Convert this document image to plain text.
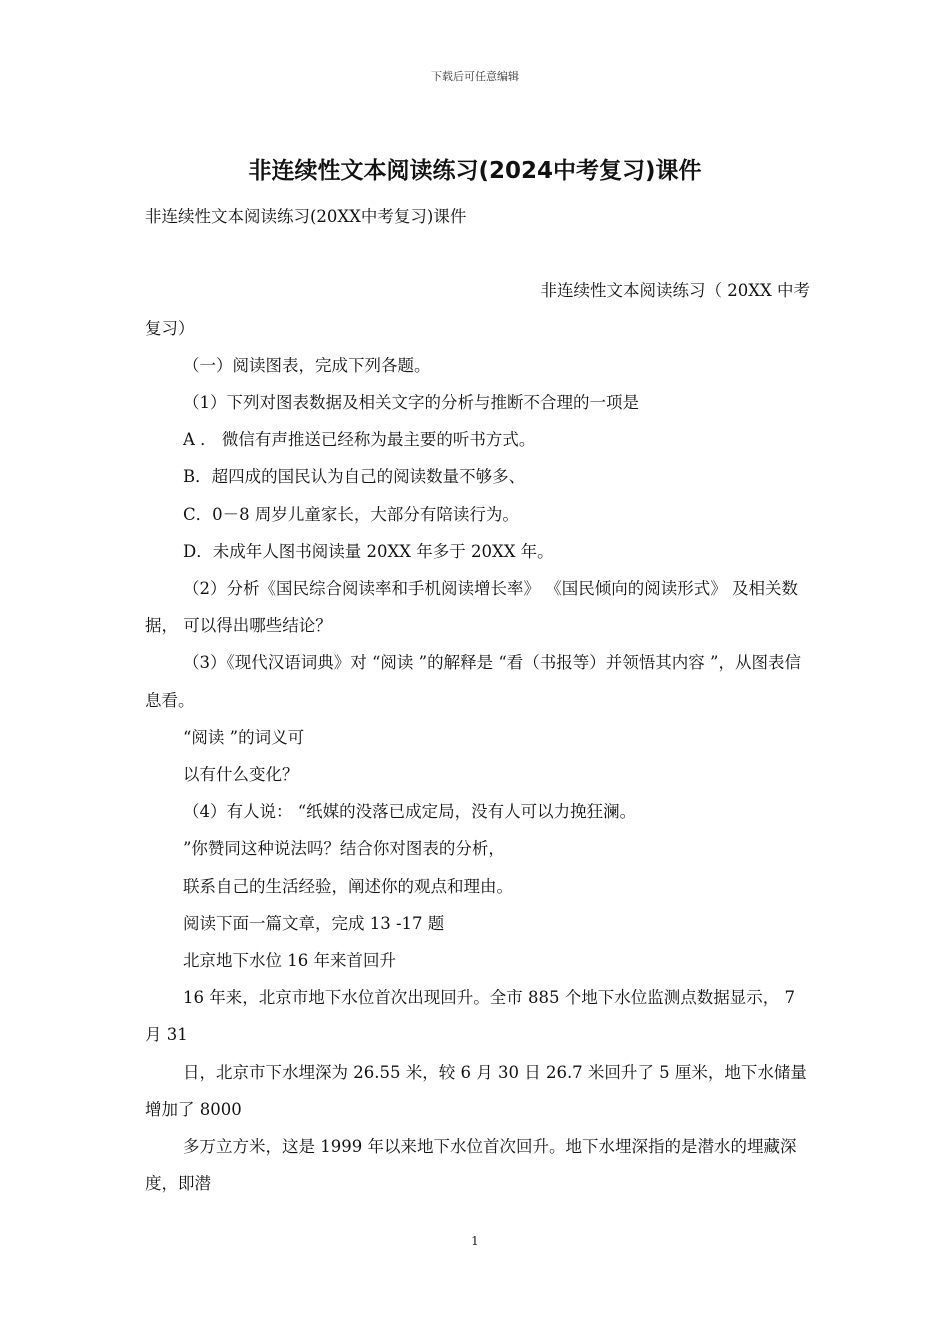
下载后可任意编辑
非连续性文本阅读练习(2024中考复习)课件

非连续性文本阅读练习(20XX中考复习)课件

非连续性文本阅读练习（ 20XX 中考

复习）

（一）阅读图表，完成下列各题。

（1）下列对图表数据及相关文字的分析与推断不合理的一项是

A ． 微信有声推送已经称为最主要的听书方式。

B．超四成的国民认为自己的阅读数量不够多、

C．0－8 周岁儿童家长，大部分有陪读行为。

D．未成年人图书阅读量 20XX 年多于 20XX 年。

（2）分析《国民综合阅读率和手机阅读增长率》 《国民倾向的阅读形式》 及相关数据， 可以得出哪些结论？

（3）《现代汉语词典》对 “阅读 ”的解释是 “看（书报等）并领悟其内容 ”，从图表信息看。

“阅读 ”的词义可

以有什么变化？

（4）有人说： “纸媒的没落已成定局，没有人可以力挽狂澜。

”你赞同这种说法吗？结合你对图表的分析，

联系自己的生活经验，阐述你的观点和理由。

阅读下面一篇文章，完成 13 -17 题

北京地下水位 16 年来首回升

16 年来，北京市地下水位首次出现回升。全市 885 个地下水位监测点数据显示， 7 月 31

日，北京市下水埋深为 26.55 米，较 6 月 30 日 26.7 米回升了 5 厘米，地下水储量增加了 8000

多万立方米，这是 1999 年以来地下水位首次回升。地下水埋深指的是潜水的埋藏深度，即潜

1
